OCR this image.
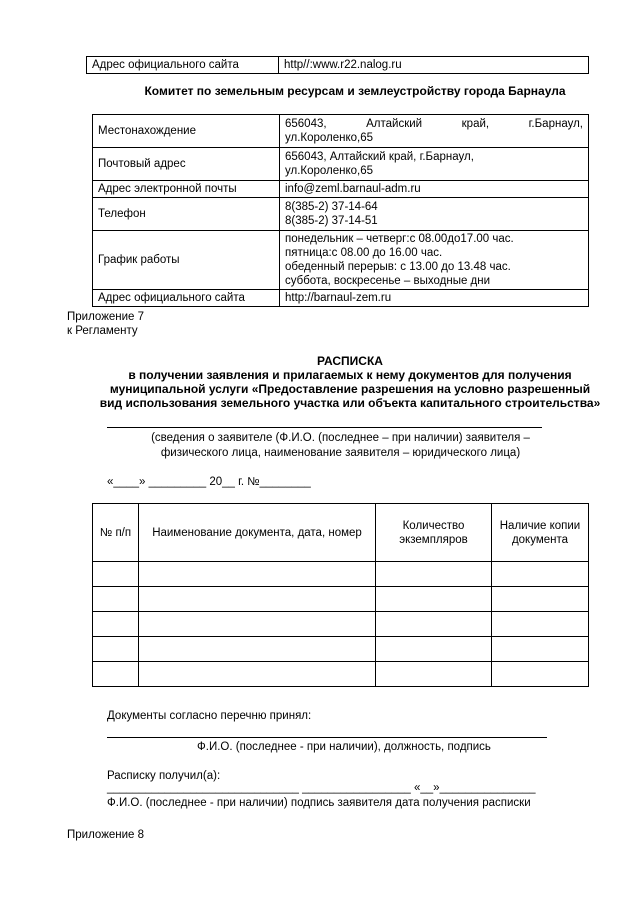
Адрес официального сайта	http//:www.r22.nalog.ru
Комитет по земельным ресурсам и землеустройству города Барнаула
Местонахождение	656043, Алтайский край, г.Барнаул,
ул.Короленко,65

Почтовый адрес	656043, Алтайский край, г.Барнаул,
ул.Короленко,65

Адрес электронной почты	info@zeml.barnaul-adm.ru

Телефон	8(385-2) 37-14-64
8(385-2) 37-14-51

График работы	понедельник – четверг:с 08.00до17.00 час.
пятница:с 08.00 до 16.00 час.
обеденный перерыв: с 13.00 до 13.48 час.
суббота, воскресенье – выходные дни

Адрес официального сайта	http://barnaul-zem.ru
Приложение 7
к Регламенту
РАСПИСКА
в получении заявления и прилагаемых к нему документов для получения
муниципальной услуги «Предоставление разрешения на условно разрешенный
вид использования земельного участка или объекта капитального строительства»
(сведения о заявителе (Ф.И.О. (последнее – при наличии) заявителя –
физического лица, наименование заявителя – юридического лица)
«____» _________ 20__ г. №________
№ п/п	Наименование документа, дата, номер	Количество экземпляров	Наличие копии документа

Документы согласно перечню принял:
Ф.И.О. (последнее - при наличии), должность, подпись
Расписку получил(а):
______________________________ _________________ «__»_______________
Ф.И.О. (последнее - при наличии) подпись заявителя дата получения расписки
Приложение 8
